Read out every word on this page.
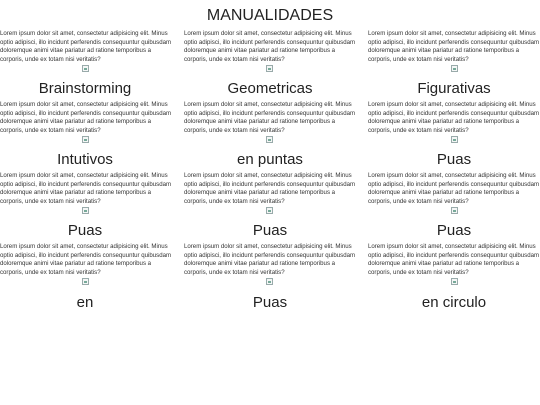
MANUALIDADES
Lorem ipsum dolor sit amet, consectetur adipisicing elit. Minus optio adipisci, illo incidunt perferendis consequuntur quibusdam doloremque animi vitae pariatur ad ratione temporibus a corporis, unde ex totam nisi veritatis?
Lorem ipsum dolor sit amet, consectetur adipisicing elit. Minus optio adipisci, illo incidunt perferendis consequuntur quibusdam doloremque animi vitae pariatur ad ratione temporibus a corporis, unde ex totam nisi veritatis?
Lorem ipsum dolor sit amet, consectetur adipisicing elit. Minus optio adipisci, illo incidunt perferendis consequuntur quibusdam doloremque animi vitae pariatur ad ratione temporibus a corporis, unde ex totam nisi veritatis?
Brainstorming	Geometricas	Figurativas
Lorem ipsum dolor sit amet, consectetur adipisicing elit. Minus optio adipisci, illo incidunt perferendis consequuntur quibusdam doloremque animi vitae pariatur ad ratione temporibus a corporis, unde ex totam nisi veritatis?
Lorem ipsum dolor sit amet, consectetur adipisicing elit. Minus optio adipisci, illo incidunt perferendis consequuntur quibusdam doloremque animi vitae pariatur ad ratione temporibus a corporis, unde ex totam nisi veritatis?
Lorem ipsum dolor sit amet, consectetur adipisicing elit. Minus optio adipisci, illo incidunt perferendis consequuntur quibusdam doloremque animi vitae pariatur ad ratione temporibus a corporis, unde ex totam nisi veritatis?
Intutivos	en puntas	Puas
Lorem ipsum dolor sit amet, consectetur adipisicing elit. Minus optio adipisci, illo incidunt perferendis consequuntur quibusdam doloremque animi vitae pariatur ad ratione temporibus a corporis, unde ex totam nisi veritatis?
Lorem ipsum dolor sit amet, consectetur adipisicing elit. Minus optio adipisci, illo incidunt perferendis consequuntur quibusdam doloremque animi vitae pariatur ad ratione temporibus a corporis, unde ex totam nisi veritatis?
Lorem ipsum dolor sit amet, consectetur adipisicing elit. Minus optio adipisci, illo incidunt perferendis consequuntur quibusdam doloremque animi vitae pariatur ad ratione temporibus a corporis, unde ex totam nisi veritatis?
Puas	Puas	Puas
Lorem ipsum dolor sit amet, consectetur adipisicing elit. Minus optio adipisci, illo incidunt perferendis consequuntur quibusdam doloremque animi vitae pariatur ad ratione temporibus a corporis, unde ex totam nisi veritatis?
Lorem ipsum dolor sit amet, consectetur adipisicing elit. Minus optio adipisci, illo incidunt perferendis consequuntur quibusdam doloremque animi vitae pariatur ad ratione temporibus a corporis, unde ex totam nisi veritatis?
Lorem ipsum dolor sit amet, consectetur adipisicing elit. Minus optio adipisci, illo incidunt perferendis consequuntur quibusdam doloremque animi vitae pariatur ad ratione temporibus a corporis, unde ex totam nisi veritatis?
en	Puas	en circulo
